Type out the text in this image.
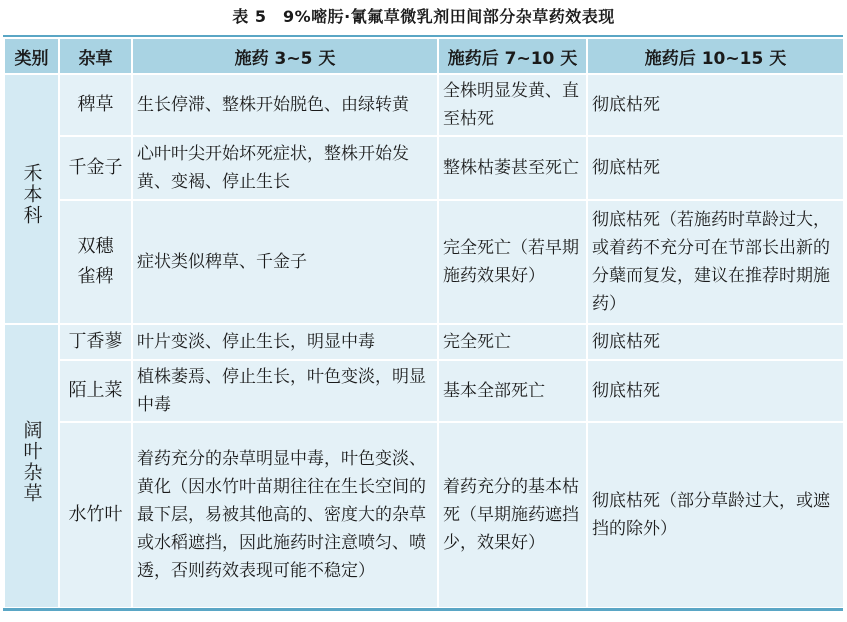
表 5　9%嘧肟·氰氟草微乳剂田间部分杂草药效表现
类别	杂草	施药 3~5 天	施药后 7~10 天	施药后 10~15 天
禾本科	稗草	生长停滞、整株开始脱色、由绿转黄	全株明显发黄、直至枯死	彻底枯死
	千金子	心叶叶尖开始坏死症状，整株开始发黄、变褐、停止生长	整株枯萎甚至死亡	彻底枯死
	双穗雀稗	症状类似稗草、千金子	完全死亡（若早期施药效果好）	彻底枯死（若施药时草龄过大，或着药不充分可在节部长出新的分蘖而复发，建议在推荐时期施药）
阔叶杂草	丁香蓼	叶片变淡、停止生长，明显中毒	完全死亡	彻底枯死
	陌上菜	植株萎焉、停止生长，叶色变淡，明显中毒	基本全部死亡	彻底枯死
	水竹叶	着药充分的杂草明显中毒，叶色变淡、黄化（因水竹叶苗期往往在生长空间的最下层，易被其他高的、密度大的杂草或水稻遮挡，因此施药时注意喷匀、喷透，否则药效表现可能不稳定）	着药充分的基本枯死（早期施药遮挡少，效果好）	彻底枯死（部分草龄过大，或遮挡的除外）
